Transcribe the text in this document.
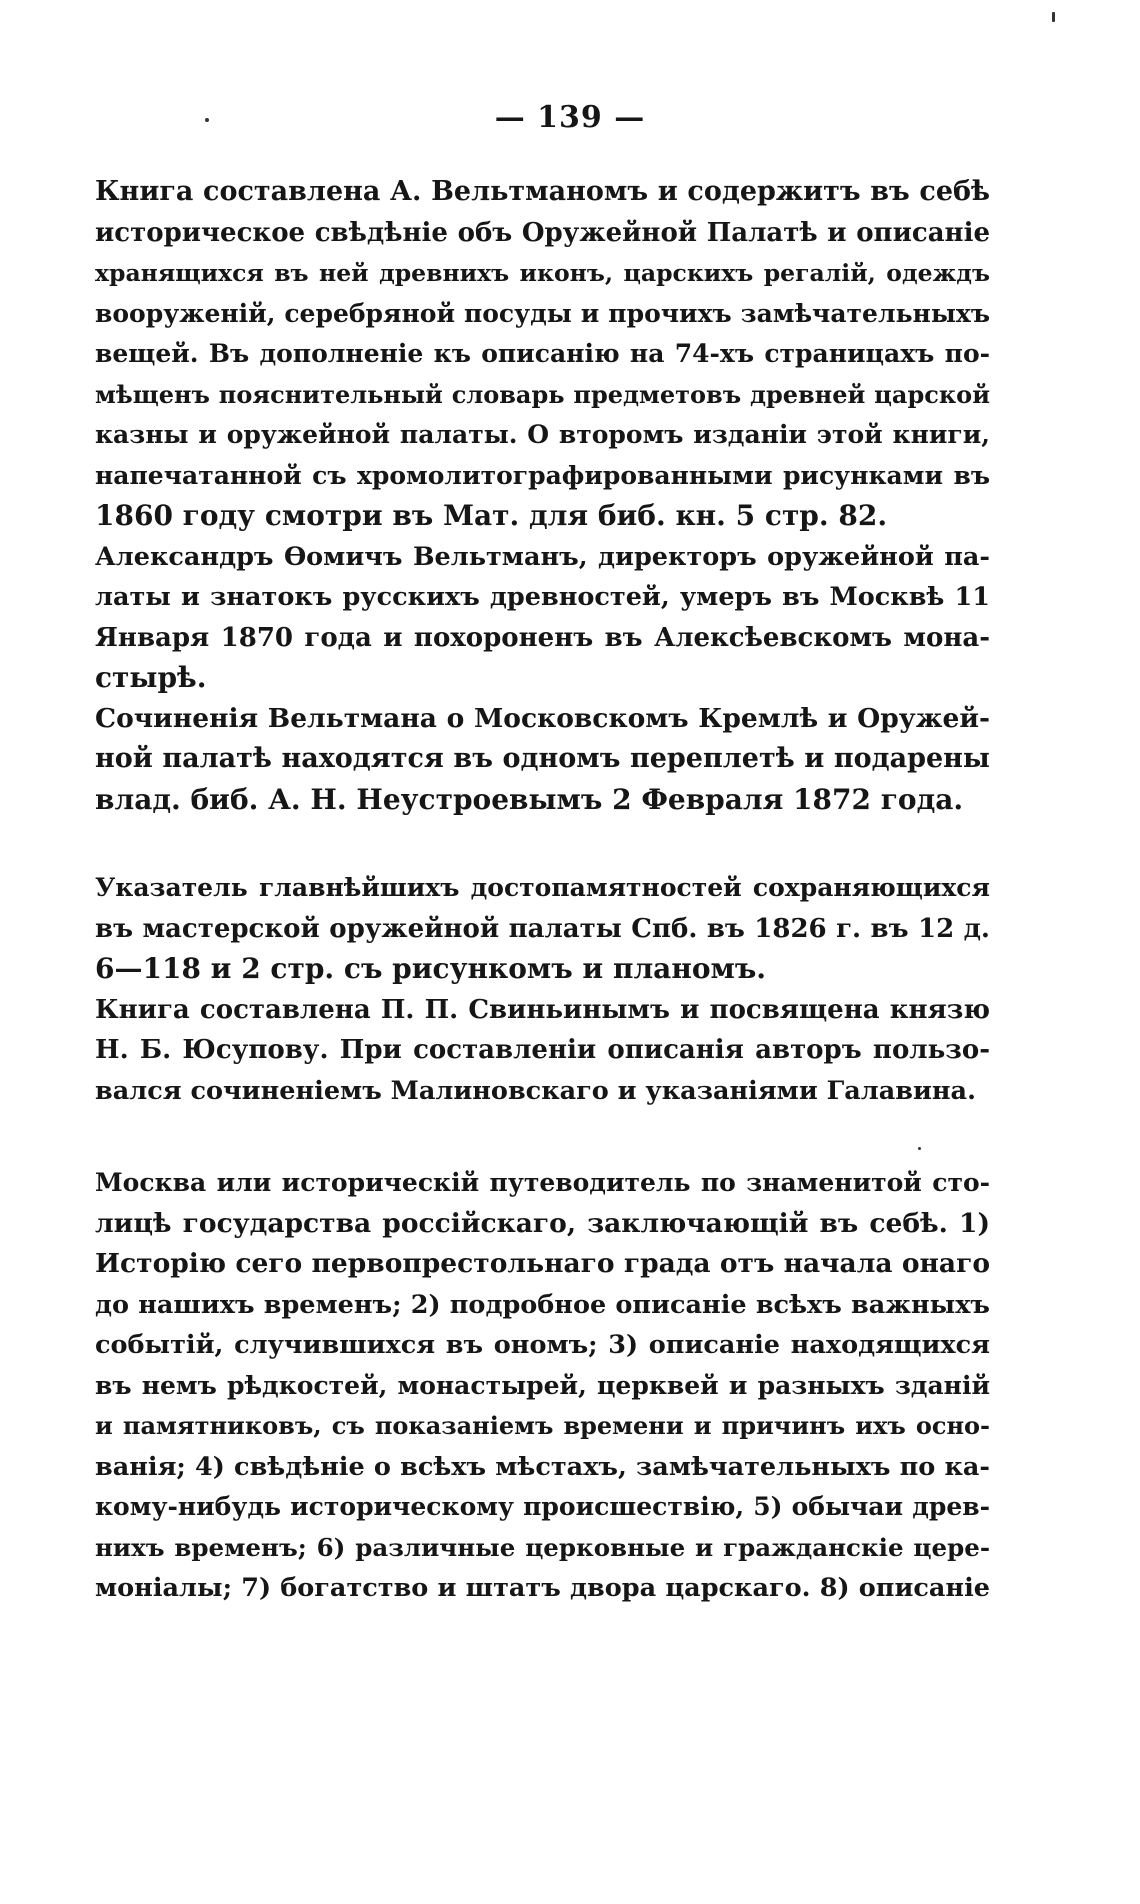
— 139 —
Книга составлена А. Вельтманомъ и содержитъ въ себѣ
историческое свѣдѣніе объ Оружейной Палатѣ и описаніе
хранящихся въ ней древнихъ иконъ, царскихъ регалій, одеждъ
вооруженій, серебряной посуды и прочихъ замѣчательныхъ
вещей. Въ дополненіе къ описанію на 74-хъ страницахъ по-
мѣщенъ пояснительный словарь предметовъ древней царской
казны и оружейной палаты. О второмъ изданіи этой книги,
напечатанной съ хромолитографированными рисунками въ
1860 году смотри въ Мат. для биб. кн. 5 стр. 82.
Александръ Ѳомичъ Вельтманъ, директоръ оружейной па-
латы и знатокъ русскихъ древностей, умеръ въ Москвѣ 11
Января 1870 года и похороненъ въ Алексѣевскомъ мона-
стырѣ.
Сочиненія Вельтмана о Московскомъ Кремлѣ и Оружей-
ной палатѣ находятся въ одномъ переплетѣ и подарены
влад. биб. А. Н. Неустроевымъ 2 Февраля 1872 года.
Указатель главнѣйшихъ достопамятностей сохраняющихся
въ мастерской оружейной палаты Спб. въ 1826 г. въ 12 д.
6—118 и 2 стр. съ рисункомъ и планомъ.
Книга составлена П. П. Свиньинымъ и посвящена князю
Н. Б. Юсупову. При составленіи описанія авторъ пользо-
вался сочиненіемъ Малиновскаго и указаніями Галавина.
Москва или историческій путеводитель по знаменитой сто-
лицѣ государства россійскаго, заключающій въ себѣ. 1)
Исторію сего первопрестольнаго града отъ начала онаго
до нашихъ временъ; 2) подробное описаніе всѣхъ важныхъ
событій, случившихся въ ономъ; 3) описаніе находящихся
въ немъ рѣдкостей, монастырей, церквей и разныхъ зданій
и памятниковъ, съ показаніемъ времени и причинъ ихъ осно-
ванія; 4) свѣдѣніе о всѣхъ мѣстахъ, замѣчательныхъ по ка-
кому-нибудь историческому происшествію, 5) обычаи древ-
нихъ временъ; 6) различные церковные и гражданскіе цере-
моніалы; 7) богатство и штатъ двора царскаго. 8) описаніе
